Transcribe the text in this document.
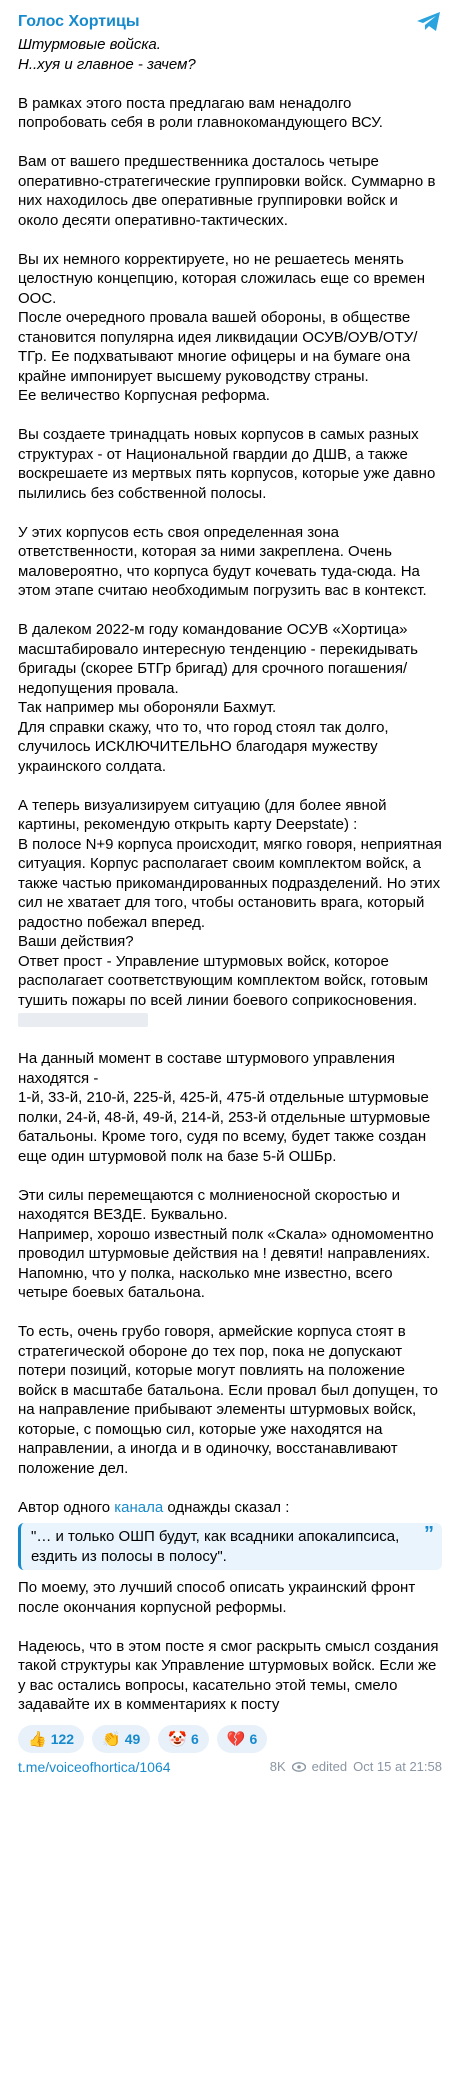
Голос Хортицы
Штурмовые войска.
Н..хуя и главное - зачем?
В рамках этого поста предлагаю вам ненадолго попробовать себя в роли главнокомандующего ВСУ.
Вам от вашего предшественника досталось четыре оперативно-стратегические группировки войск. Суммарно в них находилось две оперативные группировки войск и около десяти оперативно-тактических.
Вы их немного корректируете, но не решаетесь менять целостную концепцию, которая сложилась еще со времен ООС.
После очередного провала вашей обороны, в обществе становится популярна идея ликвидации ОСУВ/ОУВ/ОТУ/ТГр. Ее подхватывают многие офицеры и на бумаге она крайне импонирует высшему руководству страны.
Ее величество Корпусная реформа.
Вы создаете тринадцать новых корпусов в самых разных структурах - от Национальной гвардии до ДШВ, а также воскрешаете из мертвых пять корпусов, которые уже давно пылились без собственной полосы.
У этих корпусов есть своя определенная зона ответственности, которая за ними закреплена. Очень маловероятно, что корпуса будут кочевать туда-сюда. На этом этапе считаю необходимым погрузить вас в контекст.
В далеком 2022-м году командование ОСУВ «Хортица» масштабировало интересную тенденцию - перекидывать бригады (скорее БТГр бригад) для срочного погашения/недопущения провала.
Так например мы обороняли Бахмут.
Для справки скажу, что то, что город стоял так долго, случилось ИСКЛЮЧИТЕЛЬНО благодаря мужеству украинского солдата.
А теперь визуализируем ситуацию (для более явной картины, рекомендую открыть карту Deepstate) :
В полосе N+9 корпуса происходит, мягко говоря, неприятная ситуация. Корпус располагает своим комплектом войск, а также частью прикомандированных подразделений. Но этих сил не хватает для того, чтобы остановить врага, который радостно побежал вперед.
Ваши действия?
Ответ прост - Управление штурмовых войск, которое располагает соответствующим комплектом войск, готовым тушить пожары по всей линии боевого соприкосновения.
На данный момент в составе штурмового управления находятся -
1-й, 33-й, 210-й, 225-й, 425-й, 475-й отдельные штурмовые полки, 24-й, 48-й, 49-й, 214-й, 253-й отдельные штурмовые батальоны. Кроме того, судя по всему, будет также создан еще один штурмовой полк на базе 5-й ОШБр.
Эти силы перемещаются с молниеносной скоростью и находятся ВЕЗДЕ. Буквально.
Например, хорошо известный полк «Скала» одномоментно проводил штурмовые действия на ! девяти! направлениях. Напомню, что у полка, насколько мне известно, всего четыре боевых батальона.
То есть, очень грубо говоря, армейские корпуса стоят в стратегической обороне до тех пор, пока не допускают потери позиций, которые могут повлиять на положение войск в масштабе батальона. Если провал был допущен, то на направление прибывают элементы штурмовых войск, которые, с помощью сил, которые уже находятся на направлении, а иногда и в одиночку, восстанавливают положение дел.
Автор одного канала однажды сказал :
"… и только ОШП будут, как всадники апокалипсиса, ездить из полосы в полосу".
”
По моему, это лучший способ описать украинский фронт после окончания корпусной реформы.
Надеюсь, что в этом посте я смог раскрыть смысл создания такой структуры как Управление штурмовых войск. Если же у вас остались вопросы, касательно этой темы, смело задавайте их в комментариях к посту
👍 122 👏 49 🤡 6 💔 6
t.me/voiceofhortica/1064	8K edited Oct 15 at 21:58
